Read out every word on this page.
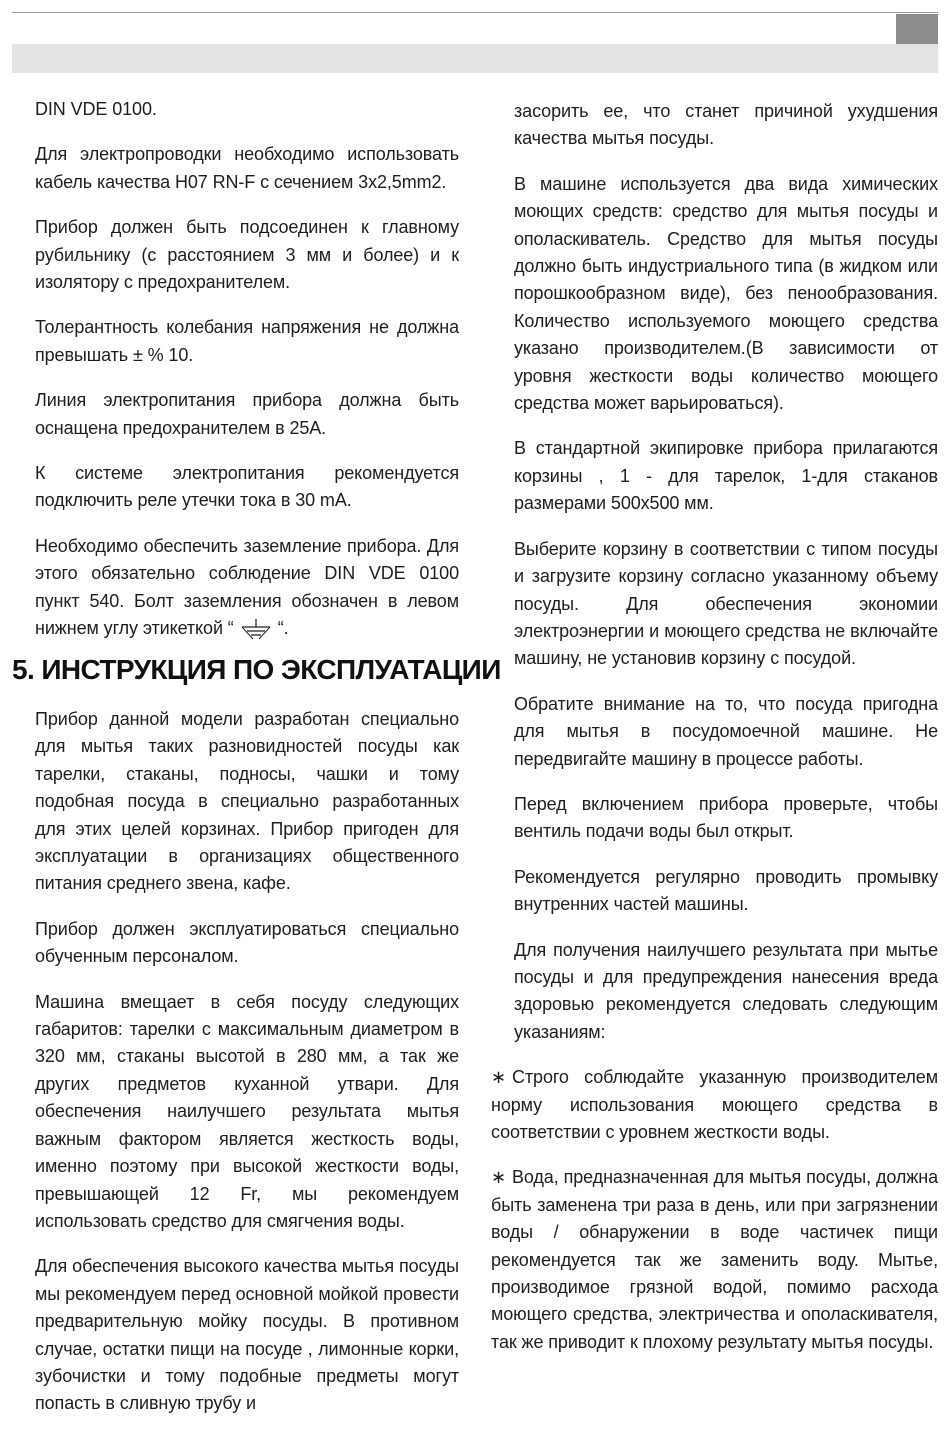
DIN VDE 0100.

Для электропроводки необходимо использовать кабель качества H07 RN-F с сечением 3x2,5mm2.

Прибор должен быть подсоединен к главному рубильнику (с расстоянием 3 мм и более) и к изолятору с предохранителем.

Толерантность колебания напряжения не должна превышать ± % 10.

Линия электропитания прибора должна быть оснащена предохранителем в 25A.

К системе электропитания рекомендуется подключить реле утечки тока в 30 mA.

Необходимо обеспечить заземление прибора. Для этого обязательно соблюдение DIN VDE 0100 пункт 540. Болт заземления обозначен в левом нижнем углу этикеткой “ “.

5. ИНСТРУКЦИЯ ПО ЭКСПЛУАТАЦИИ

Прибор данной модели разработан специально для мытья таких разновидностей посуды как тарелки, стаканы, подносы, чашки и тому подобная посуда в специально разработанных для этих целей корзинах. Прибор пригоден для эксплуатации в организациях общественного питания среднего звена, кафе.

Прибор должен эксплуатироваться специально обученным персоналом.

Машина вмещает в себя посуду следующих габаритов: тарелки с максимальным диаметром в 320 мм, стаканы высотой в 280 мм, а так же других предметов куханной утвари. Для обеспечения наилучшего результата мытья важным фактором является жесткость воды, именно поэтому при высокой жесткости воды, превышающей 12 Fr, мы рекомендуем использовать средство для смягчения воды.

Для обеспечения высокого качества мытья посуды мы рекомендуем перед основной мойкой провести предварительную мойку посуды. В противном случае, остатки пищи на посуде , лимонные корки, зубочистки и тому подобные предметы могут попасть в сливную трубу и

засорить ее, что станет причиной ухудшения качества мытья посуды.

В машине используется два вида химических моющих средств: средство для мытья посуды и ополаскиватель. Средство для мытья посуды должно быть индустриального типа (в жидком или порошкообразном виде), без пенообразования. Количество используемого моющего средства указано производителем.(В зависимости от уровня жесткости воды количество моющего средства может варьироваться).

В стандартной экипировке прибора прилагаются корзины , 1 - для тарелок, 1-для стаканов размерами 500x500 мм.

Выберите корзину в соответствии с типом посуды и загрузите корзину согласно указанному объему посуды. Для обеспечения экономии электроэнергии и моющего средства не включайте машину, не установив корзину с посудой.

Обратите внимание на то, что посуда пригодна для мытья в посудомоечной машине. Не передвигайте машину в процессе работы.

Перед включением прибора проверьте, чтобы вентиль подачи воды был открыт.

Рекомендуется регулярно проводить промывку внутренних частей машины.

Для получения наилучшего результата при мытье посуды и для предупреждения нанесения вреда здоровью рекомендуется следовать следующим указаниям:

∗ Строго соблюдайте указанную производителем норму использования моющего средства в соответствии с уровнем жесткости воды.

∗ Вода, предназначенная для мытья посуды, должна быть заменена три раза в день, или при загрязнении воды / обнаружении в воде частичек пищи рекомендуется так же заменить воду. Мытье, производимое грязной водой, помимо расхода моющего средства, электричества и ополаскивателя, так же приводит к плохому результату мытья посуды.
